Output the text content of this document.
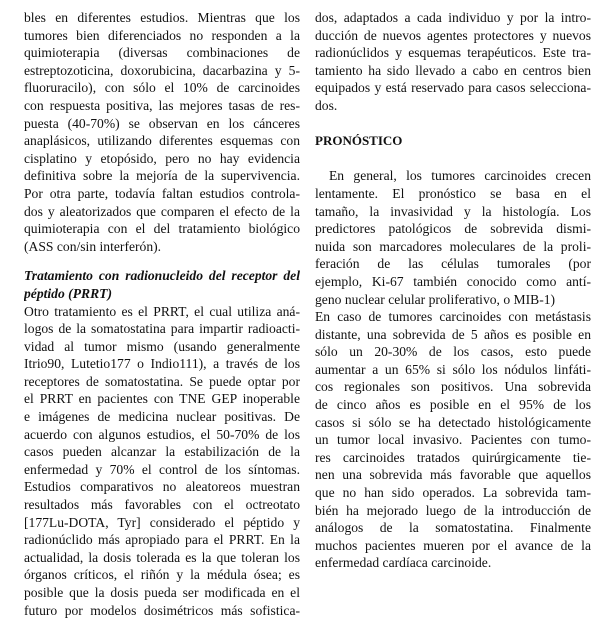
bles en diferentes estudios. Mientras que los
tumores bien diferenciados no responden a la
quimioterapia (diversas combinaciones de
estreptozoticina, doxorubicina, dacarbazina y 5-
fluoruracilo), con sólo el 10% de carcinoides
con respuesta positiva, las mejores tasas de res-
puesta (40-70%) se observan en los cánceres
anaplásicos, utilizando diferentes esquemas con
cisplatino y etopósido, pero no hay evidencia
definitiva sobre la mejoría de la supervivencia.
Por otra parte, todavía faltan estudios controla-
dos y aleatorizados que comparen el efecto de la
quimioterapia con el del tratamiento biológico
(ASS con/sin interferón).
Tratamiento con radionucleido del receptor del
péptido (PRRT)
Otro tratamiento es el PRRT, el cual utiliza aná-
logos de la somatostatina para impartir radioacti-
vidad al tumor mismo (usando generalmente
Itrio90, Lutetio177 o Indio111), a través de los
receptores de somatostatina. Se puede optar por
el PRRT en pacientes con TNE GEP inoperable
e imágenes de medicina nuclear positivas. De
acuerdo con algunos estudios, el 50-70% de los
casos pueden alcanzar la estabilización de la
enfermedad y 70% el control de los síntomas.
Estudios comparativos no aleatoreos muestran
resultados más favorables con el octreotato
[177Lu-DOTA, Tyr] considerado el péptido y
radionúclido más apropiado para el PRRT. En la
actualidad, la dosis tolerada es la que toleran los
órganos críticos, el riñón y la médula ósea; es
posible que la dosis pueda ser modificada en el
futuro por modelos dosimétricos más sofistica-
dos, adaptados a cada individuo y por la intro-
ducción de nuevos agentes protectores y nuevos
radionúclidos y esquemas terapéuticos. Este tra-
tamiento ha sido llevado a cabo en centros bien
equipados y está reservado para casos selecciona-
dos.
PRONÓSTICO
En general, los tumores carcinoides crecen
lentamente. El pronóstico se basa en el
tamaño, la invasividad y la histología. Los
predictores patológicos de sobrevida dismi-
nuida son marcadores moleculares de la proli-
feración de las células tumorales (por
ejemplo, Ki-67 también conocido como antí-
geno nuclear celular proliferativo, o MIB-1)
En caso de tumores carcinoides con metástasis
distante, una sobrevida de 5 años es posible en
sólo un 20-30% de los casos, esto puede
aumentar a un 65% si sólo los nódulos linfáti-
cos regionales son positivos. Una sobrevida
de cinco años es posible en el 95% de los
casos si sólo se ha detectado histológicamente
un tumor local invasivo. Pacientes con tumo-
res carcinoides tratados quirúrgicamente tie-
nen una sobrevida más favorable que aquellos
que no han sido operados. La sobrevida tam-
bién ha mejorado luego de la introducción de
análogos de la somatostatina. Finalmente
muchos pacientes mueren por el avance de la
enfermedad cardíaca carcinoide.
